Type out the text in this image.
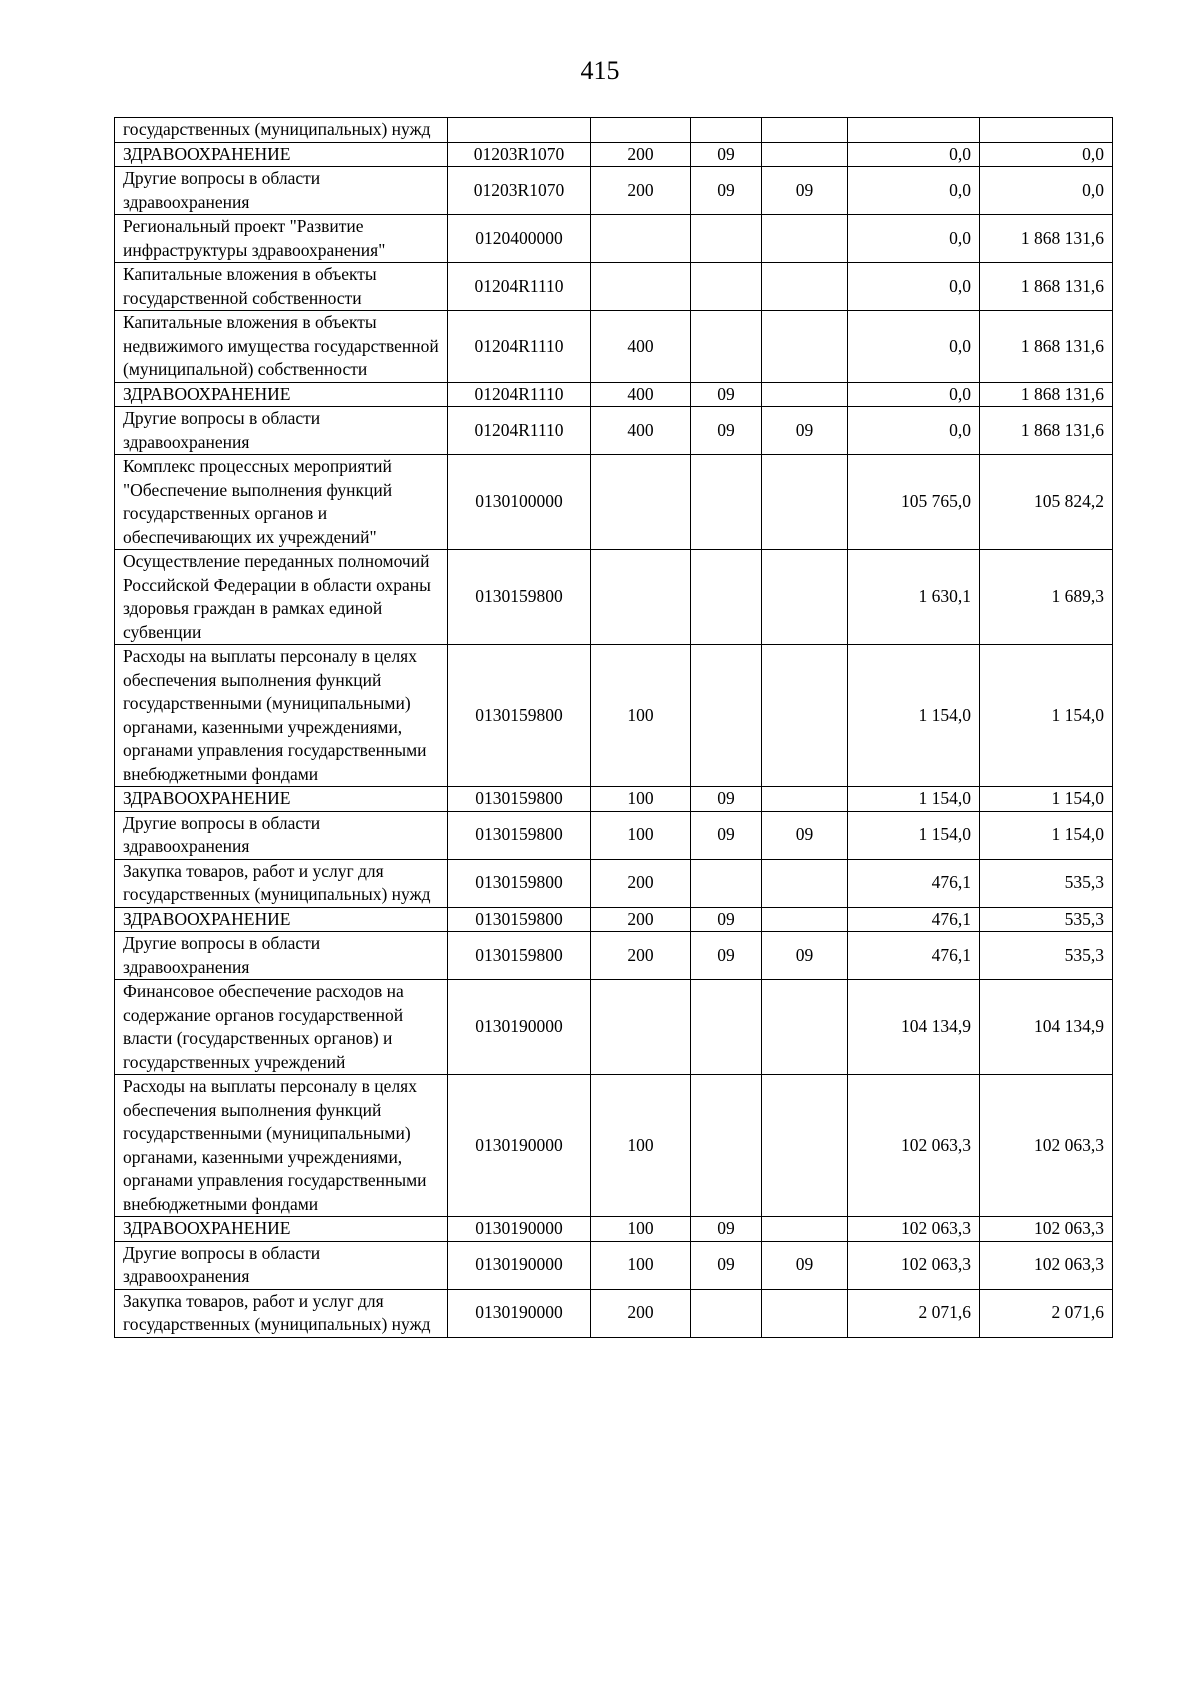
415
государственных (муниципальных) нужд						
ЗДРАВООХРАНЕНИЕ	01203R1070	200	09		0,0	0,0
Другие вопросы в области здравоохранения	01203R1070	200	09	09	0,0	0,0
Региональный проект "Развитие инфраструктуры здравоохранения"	0120400000				0,0	1 868 131,6
Капитальные вложения в объекты государственной собственности	01204R1110				0,0	1 868 131,6
Капитальные вложения в объекты недвижимого имущества государственной (муниципальной) собственности	01204R1110	400			0,0	1 868 131,6
ЗДРАВООХРАНЕНИЕ	01204R1110	400	09		0,0	1 868 131,6
Другие вопросы в области здравоохранения	01204R1110	400	09	09	0,0	1 868 131,6
Комплекс процессных мероприятий "Обеспечение выполнения функций государственных органов и обеспечивающих их учреждений"	0130100000				105 765,0	105 824,2
Осуществление переданных полномочий Российской Федерации в области охраны здоровья граждан в рамках единой субвенции	0130159800				1 630,1	1 689,3
Расходы на выплаты персоналу в целях обеспечения выполнения функций государственными (муниципальными) органами, казенными учреждениями, органами управления государственными внебюджетными фондами	0130159800	100			1 154,0	1 154,0
ЗДРАВООХРАНЕНИЕ	0130159800	100	09		1 154,0	1 154,0
Другие вопросы в области здравоохранения	0130159800	100	09	09	1 154,0	1 154,0
Закупка товаров, работ и услуг для государственных (муниципальных) нужд	0130159800	200			476,1	535,3
ЗДРАВООХРАНЕНИЕ	0130159800	200	09		476,1	535,3
Другие вопросы в области здравоохранения	0130159800	200	09	09	476,1	535,3
Финансовое обеспечение расходов на содержание органов государственной власти (государственных органов) и государственных учреждений	0130190000				104 134,9	104 134,9
Расходы на выплаты персоналу в целях обеспечения выполнения функций государственными (муниципальными) органами, казенными учреждениями, органами управления государственными внебюджетными фондами	0130190000	100			102 063,3	102 063,3
ЗДРАВООХРАНЕНИЕ	0130190000	100	09		102 063,3	102 063,3
Другие вопросы в области здравоохранения	0130190000	100	09	09	102 063,3	102 063,3
Закупка товаров, работ и услуг для государственных (муниципальных) нужд	0130190000	200			2 071,6	2 071,6
